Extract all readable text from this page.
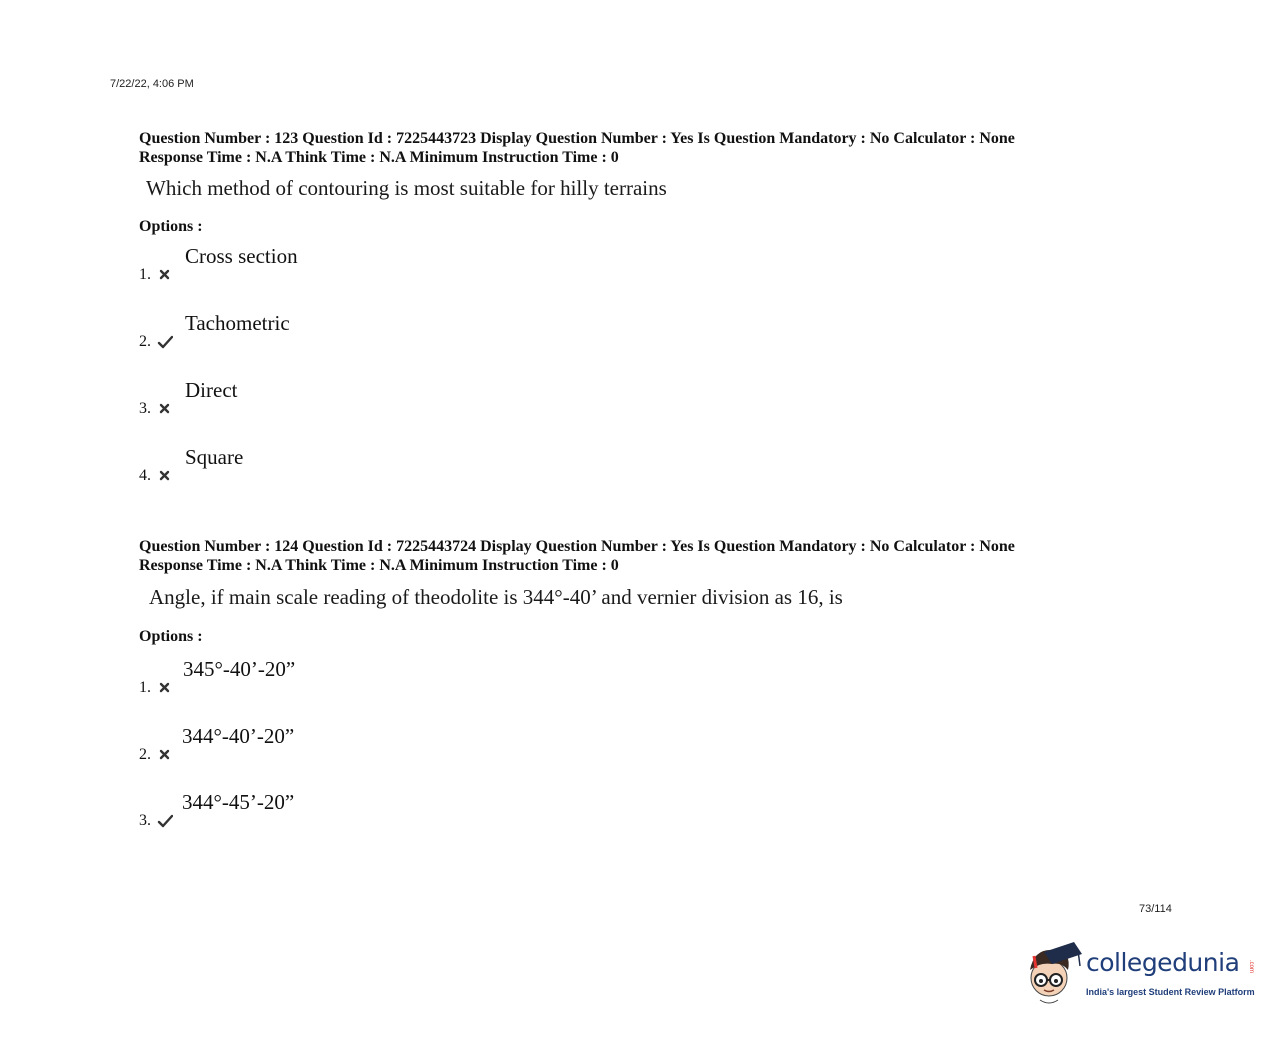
7/22/22, 4:06 PM
Question Number : 123 Question Id : 7225443723 Display Question Number : Yes Is Question Mandatory : No Calculator : None
Response Time : N.A Think Time : N.A Minimum Instruction Time : 0
Which method of contouring is most suitable for hilly terrains
Options :
1.
Cross section
2.
Tachometric
3.
Direct
4.
Square
Question Number : 124 Question Id : 7225443724 Display Question Number : Yes Is Question Mandatory : No Calculator : None
Response Time : N.A Think Time : N.A Minimum Instruction Time : 0
Angle, if main scale reading of theodolite is 344°-40’ and vernier division as 16, is
Options :
1.
345°-40’-20”
2.
344°-40’-20”
3.
344°-45’-20”
73/114
collegedunia .com
India's largest Student Review Platform
